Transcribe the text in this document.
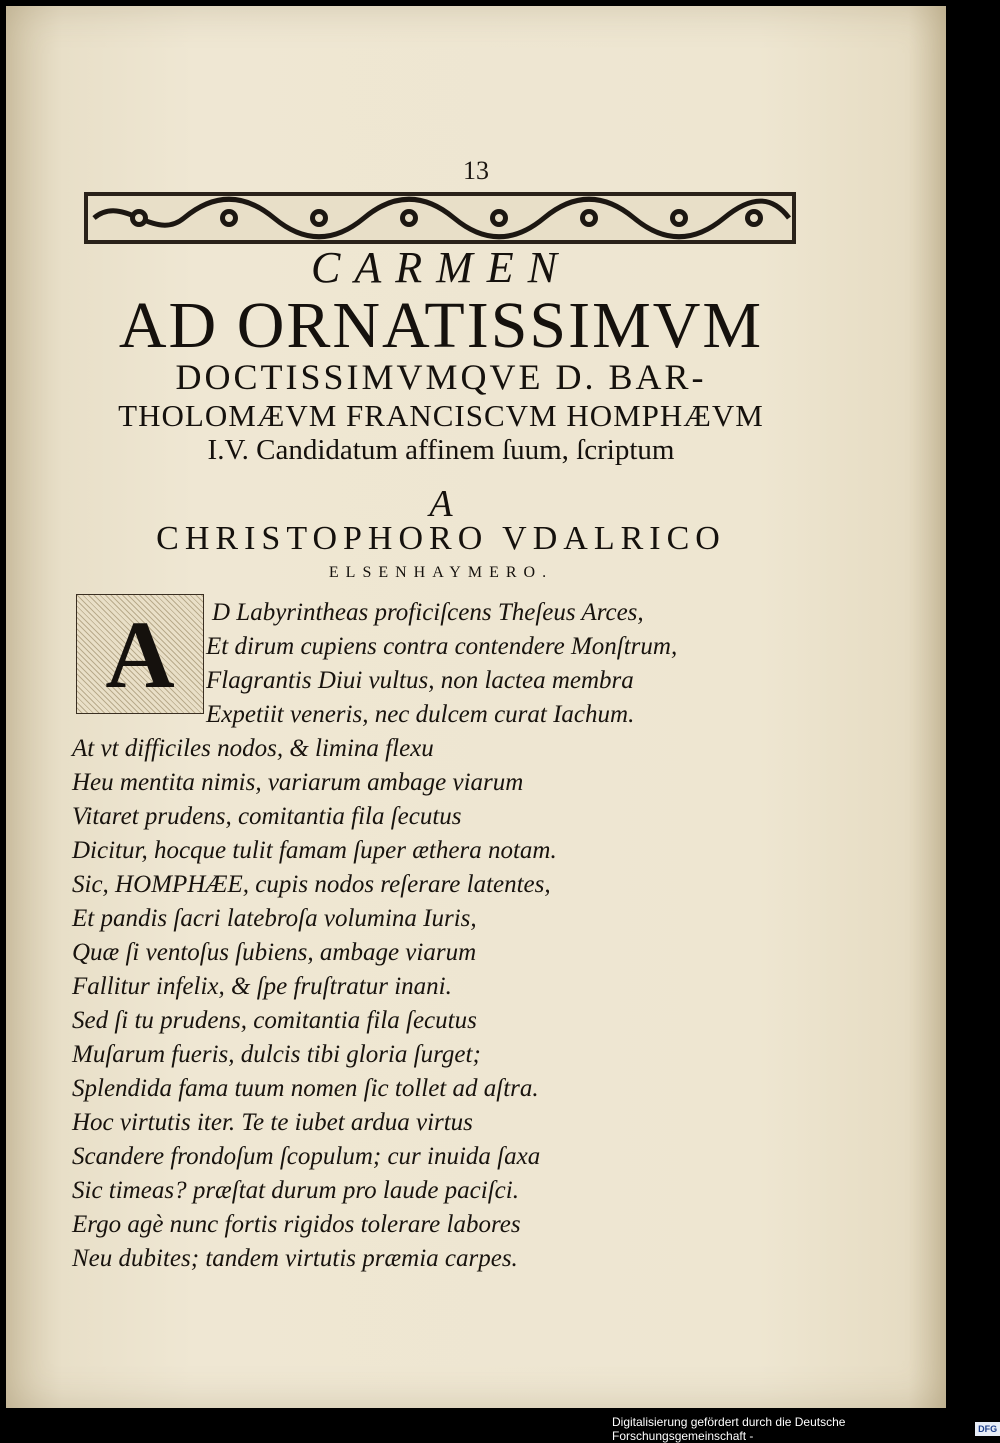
13
CARMEN
AD ORNATISSIMVM
DOCTISSIMVMQVE D. BAR-
THOLOMÆVM FRANCISCVM HOMPHÆVM
I.V. Candidatum affinem ſuum, ſcriptum
A
CHRISTOPHORO VDALRICO
ELSENHAYMERO.
A	D Labyrintheas proficiſcens Theſeus Arces,
Et dirum cupiens contra contendere Monſtrum,
Flagrantis Diui vultus, non lactea membra
Expetiit veneris, nec dulcem curat Iachum.
At vt difficiles nodos, & limina flexu
Heu mentita nimis, variarum ambage viarum
Vitaret prudens, comitantia fila ſecutus
Dicitur, hocque tulit famam ſuper æthera notam.
Sic, HOMPHÆE, cupis nodos reſerare latentes,
Et pandis ſacri latebroſa volumina Iuris,
Quæ ſi ventoſus ſubiens, ambage viarum
Fallitur infelix, & ſpe fruſtratur inani.
Sed ſi tu prudens, comitantia fila ſecutus
Muſarum fueris, dulcis tibi gloria ſurget;
Splendida fama tuum nomen ſic tollet ad aſtra.
Hoc virtutis iter. Te te iubet ardua virtus
Scandere frondoſum ſcopulum; cur inuida ſaxa
Sic timeas? præſtat durum pro laude paciſci.
Ergo agè nunc fortis rigidos tolerare labores
Neu dubites; tandem virtutis præmia carpes.
Digitalisierung gefördert durch die Deutsche Forschungsgemeinschaft -	DFG
